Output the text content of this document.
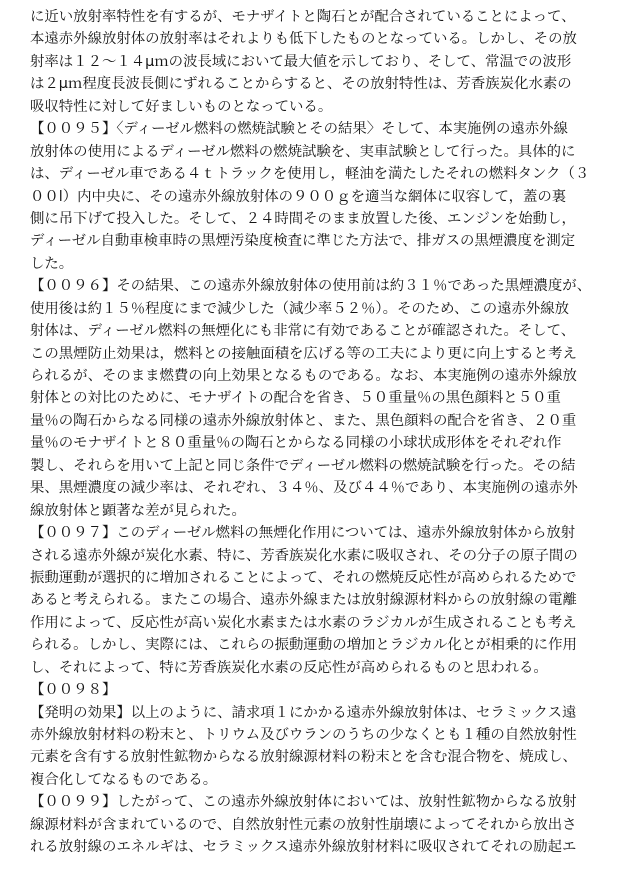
に近い放射率特性を有するが、モナザイトと陶石とが配合されていることによって、
本遠赤外線放射体の放射率はそれよりも低下したものとなっている。しかし、その放
射率は１２～１４μｍの波長域において最大値を示しており、そして、常温での波形
は２μｍ程度長波長側にずれることからすると、その放射特性は、芳香族炭化水素の
吸収特性に対して好ましいものとなっている。
【００９５】〈ディーゼル燃料の燃焼試験とその結果〉そして、本実施例の遠赤外線
放射体の使用によるディーゼル燃料の燃焼試験を、実車試験として行った。具体的に
は、ディーゼル車である４ｔトラックを使用し，軽油を満たしたそれの燃料タンク（３
００l）内中央に、その遠赤外線放射体の９００ｇを適当な網体に収容して，蓋の裏
側に吊下げて投入した。そして、２４時間そのまま放置した後、エンジンを始動し，
ディーゼル自動車検車時の黒煙汚染度検査に準じた方法で、排ガスの黒煙濃度を測定
した。
【００９６】その結果、この遠赤外線放射体の使用前は約３１％であった黒煙濃度が、
使用後は約１５％程度にまで減少した（減少率５２％）。そのため、この遠赤外線放
射体は、ディーゼル燃料の無煙化にも非常に有効であることが確認された。そして、
この黒煙防止効果は，燃料との接触面積を広げる等の工夫により更に向上すると考え
られるが、そのまま燃費の向上効果となるものである。なお、本実施例の遠赤外線放
射体との対比のために、モナザイトの配合を省き、５０重量％の黒色顔料と５０重
量％の陶石からなる同様の遠赤外線放射体と、また、黒色顔料の配合を省き、２０重
量％のモナザイトと８０重量％の陶石とからなる同様の小球状成形体をそれぞれ作
製し、それらを用いて上記と同じ条件でディーゼル燃料の燃焼試験を行った。その結
果、黒煙濃度の減少率は、それぞれ、３４％、及び４４％であり、本実施例の遠赤外
線放射体と顕著な差が見られた。
【００９７】このディーゼル燃料の無煙化作用については、遠赤外線放射体から放射
される遠赤外線が炭化水素、特に、芳香族炭化水素に吸収され、その分子の原子間の
振動運動が選択的に増加されることによって、それの燃焼反応性が高められるためで
あると考えられる。またこの場合、遠赤外線または放射線源材料からの放射線の電離
作用によって、反応性が高い炭化水素または水素のラジカルが生成されることも考え
られる。しかし、実際には、これらの振動運動の増加とラジカル化とが相乗的に作用
し、それによって、特に芳香族炭化水素の反応性が高められるものと思われる。
【００９８】
【発明の効果】以上のように、請求項１にかかる遠赤外線放射体は、セラミックス遠
赤外線放射材料の粉末と、トリウム及びウランのうちの少なくとも１種の自然放射性
元素を含有する放射性鉱物からなる放射線源材料の粉末とを含む混合物を、焼成し、
複合化してなるものである。
【００９９】したがって、この遠赤外線放射体においては、放射性鉱物からなる放射
線源材料が含まれているので、自然放射性元素の放射性崩壊によってそれから放出さ
れる放射線のエネルギは、セラミックス遠赤外線放射材料に吸収されてそれの励起エ
